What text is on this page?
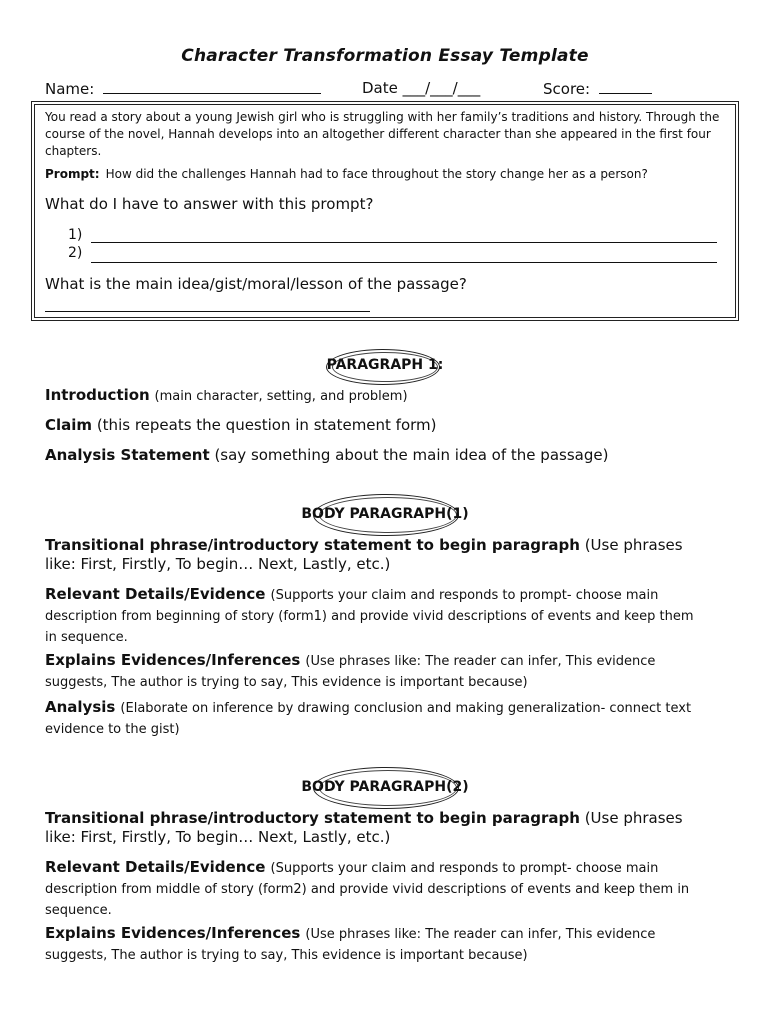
Character Transformation Essay Template
Name:	Date ___/___/___	Score:
You read a story about a young Jewish girl who is struggling with her family’s traditions and history. Through the course of the novel, Hannah develops into an altogether different character than she appeared in the first four chapters.
Prompt: How did the challenges Hannah had to face throughout the story change her as a person?
What do I have to answer with this prompt?
1)
2)
What is the main idea/gist/moral/lesson of the passage?
PARAGRAPH 1:
Introduction (main character, setting, and problem)
Claim (this repeats the question in statement form)
Analysis Statement (say something about the main idea of the passage)
BODY PARAGRAPH(1)
Transitional phrase/introductory statement to begin paragraph (Use phrases like: First, Firstly, To begin… Next, Lastly, etc.)
Relevant Details/Evidence (Supports your claim and responds to prompt- choose main description from beginning of story (form1) and provide vivid descriptions of events and keep them in sequence.
Explains Evidences/Inferences (Use phrases like: The reader can infer, This evidence suggests, The author is trying to say, This evidence is important because)
Analysis (Elaborate on inference by drawing conclusion and making generalization- connect text evidence to the gist)
BODY PARAGRAPH(2)
Transitional phrase/introductory statement to begin paragraph (Use phrases like: First, Firstly, To begin… Next, Lastly, etc.)
Relevant Details/Evidence (Supports your claim and responds to prompt- choose main description from middle of story (form2) and provide vivid descriptions of events and keep them in sequence.
Explains Evidences/Inferences (Use phrases like: The reader can infer, This evidence suggests, The author is trying to say, This evidence is important because)
